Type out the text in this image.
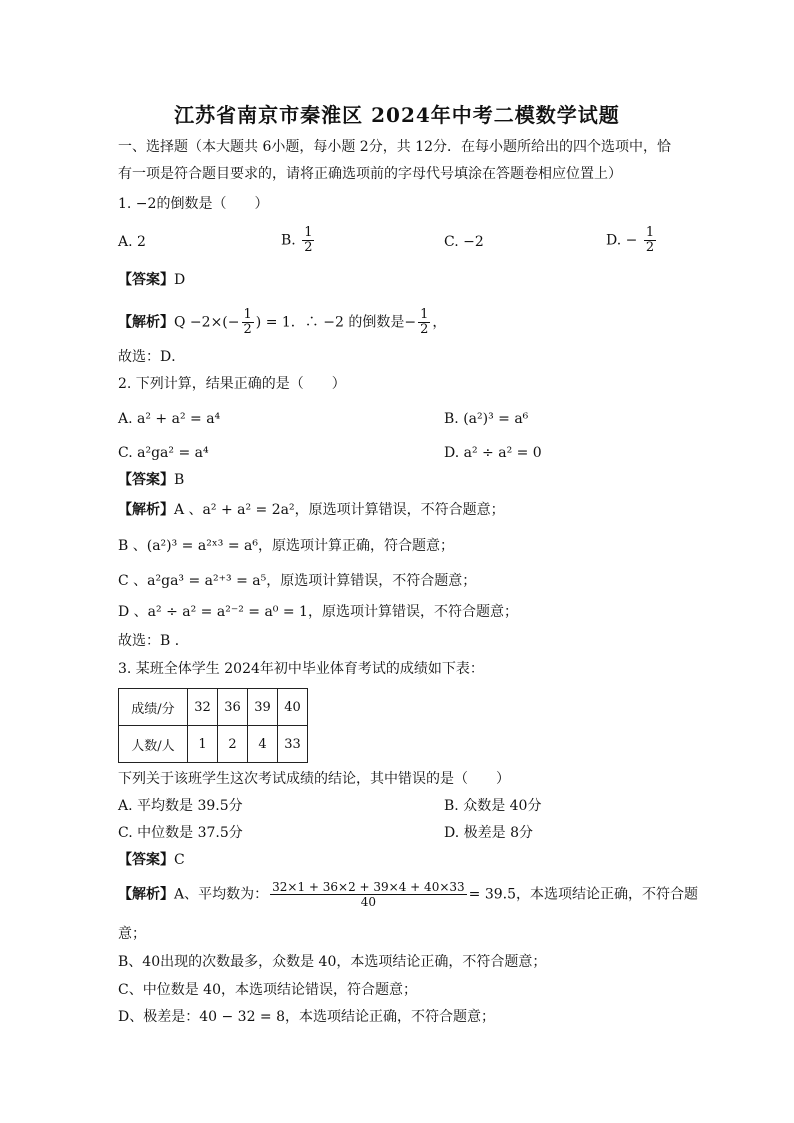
江苏省南京市秦淮区 2024年中考二模数学试题
一、选择题（本大题共 6小题，每小题 2分，共 12分．在每小题所给出的四个选项中，恰
有一项是符合题目要求的，请将正确选项前的字母代号填涂在答题卷相应位置上）
1. −2的倒数是（　　）
A. 2	B. $\frac{1}{2}$	C. −2	D. − $\frac{1}{2}$
【答案】D
【解析】$Q -2\times(- \frac{1}{2}$ ) = 1．∴ −2 的倒数是− $\frac{1}{2}$ ，
故选：D．
2. 下列计算，结果正确的是（　　）
A. a² + a² = a⁴	B. (a²)³ = a⁶
C. a²ga² = a⁴	D. a² ÷ a² = 0
【答案】B
【解析】A 、a² + a² = 2a²，原选项计算错误，不符合题意；
B 、(a²)³ = a²ˣ³ = a⁶，原选项计算正确，符合题意；
C 、a²ga³ = a²⁺³ = a⁵，原选项计算错误，不符合题意；
D 、a² ÷ a² = a²⁻² = a⁰ = 1，原选项计算错误，不符合题意；
故选：B ．
3. 某班全体学生 2024年初中毕业体育考试的成绩如下表：
成绩/分	32	36	39	40
人数/人	1	2	4	33
下列关于该班学生这次考试成绩的结论，其中错误的是（　　）
A. 平均数是 39.5分	B. 众数是 40分
C. 中位数是 37.5分	D. 极差是 8分
【答案】C
【解析】A、平均数为： $\frac{32\times 1 + 36\times 2 + 39\times 4 + 40\times 33}{40} = 39.5$，本选项结论正确，不符合题
意；
B、40出现的次数最多，众数是 40，本选项结论正确，不符合题意；
C、中位数是 40，本选项结论错误，符合题意；
D、极差是：40 − 32 = 8，本选项结论正确，不符合题意；
